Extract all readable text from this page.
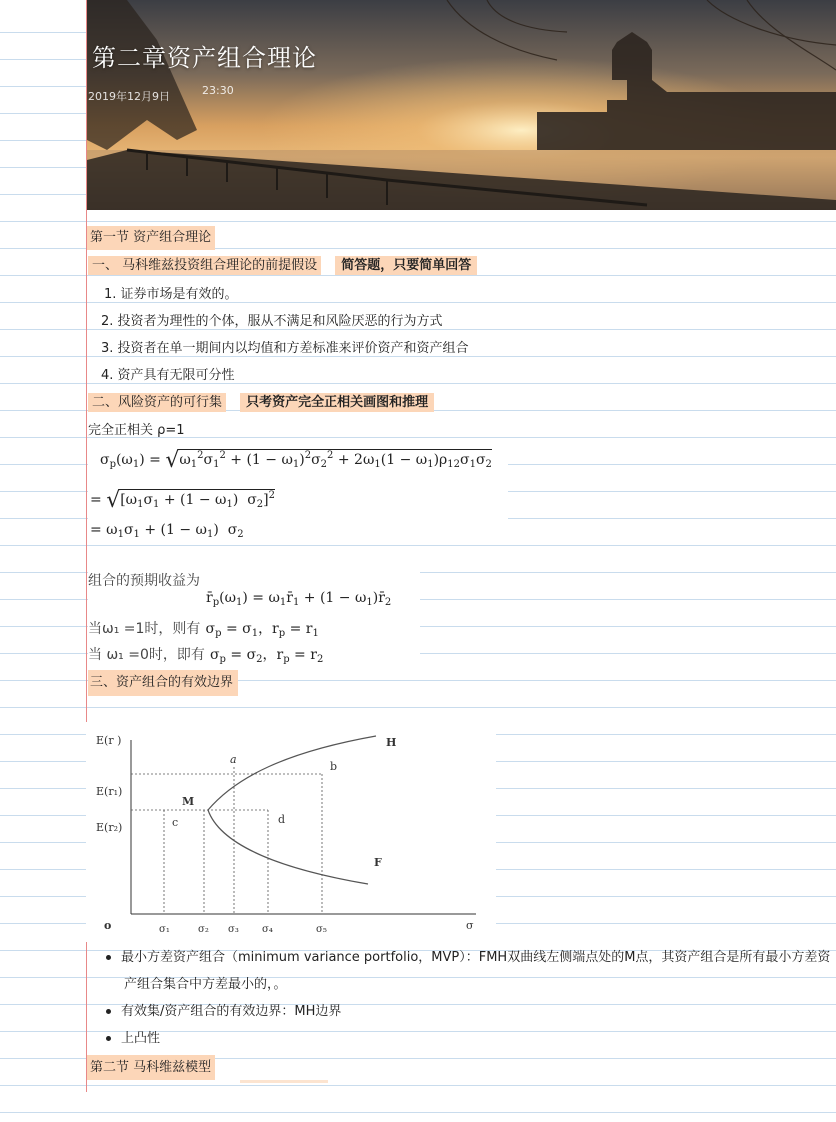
第二章资产组合理论
2019年12月9日	23:30
第一节 资产组合理论
一、 马科维兹投资组合理论的前提假设 简答题，只要简单回答
1. 证券市场是有效的。
2. 投资者为理性的个体，服从不满足和风险厌恶的行为方式
3. 投资者在单一期间内以均值和方差标准来评价资产和资产组合
4. 资产具有无限可分性
二、风险资产的可行集 只考资产完全正相关画图和推理
完全正相关 ρ=1
$\sigma_p(\omega_1) = √\omega_1^2\sigma_1^2 + (1 - \omega_1)^2\sigma_2^2 + 2\omega_1(1 - \omega_1)\rho_{12}\sigma_1\sigma_2$
= $√[\omega_1\sigma_1 + (1 - \omega_1)$  $\sigma_2]^2$
= $\omega_1\sigma_1 + (1 - \omega_1)$  $\sigma_2$
组合的预期收益为
$r̄_p(\omega_1)$ = $\omega_1r̄_1 + (1$ − $\omega_1)r̄_2$
当ω₁ =1时，则有 $\sigma_p = \sigma_1$，$r_p = r_1$
当 ω₁ =0时，即有 $\sigma_p = \sigma_2$，$r_p = r_2$
三、资产组合的有效边界
E(r )
E(r₁)
E(r₂)
o	σ
σ₁	σ₂ σ₃ σ₄	σ₅
a
b
M
c	d
H
F
最小方差资产组合（minimum variance portfolio，MVP）：FMH双曲线左侧端点处的M点，其资产组合是所有最小方差资产组合集合中方差最小的，。
有效集/资产组合的有效边界：MH边界
上凸性
第二节 马科维兹模型
